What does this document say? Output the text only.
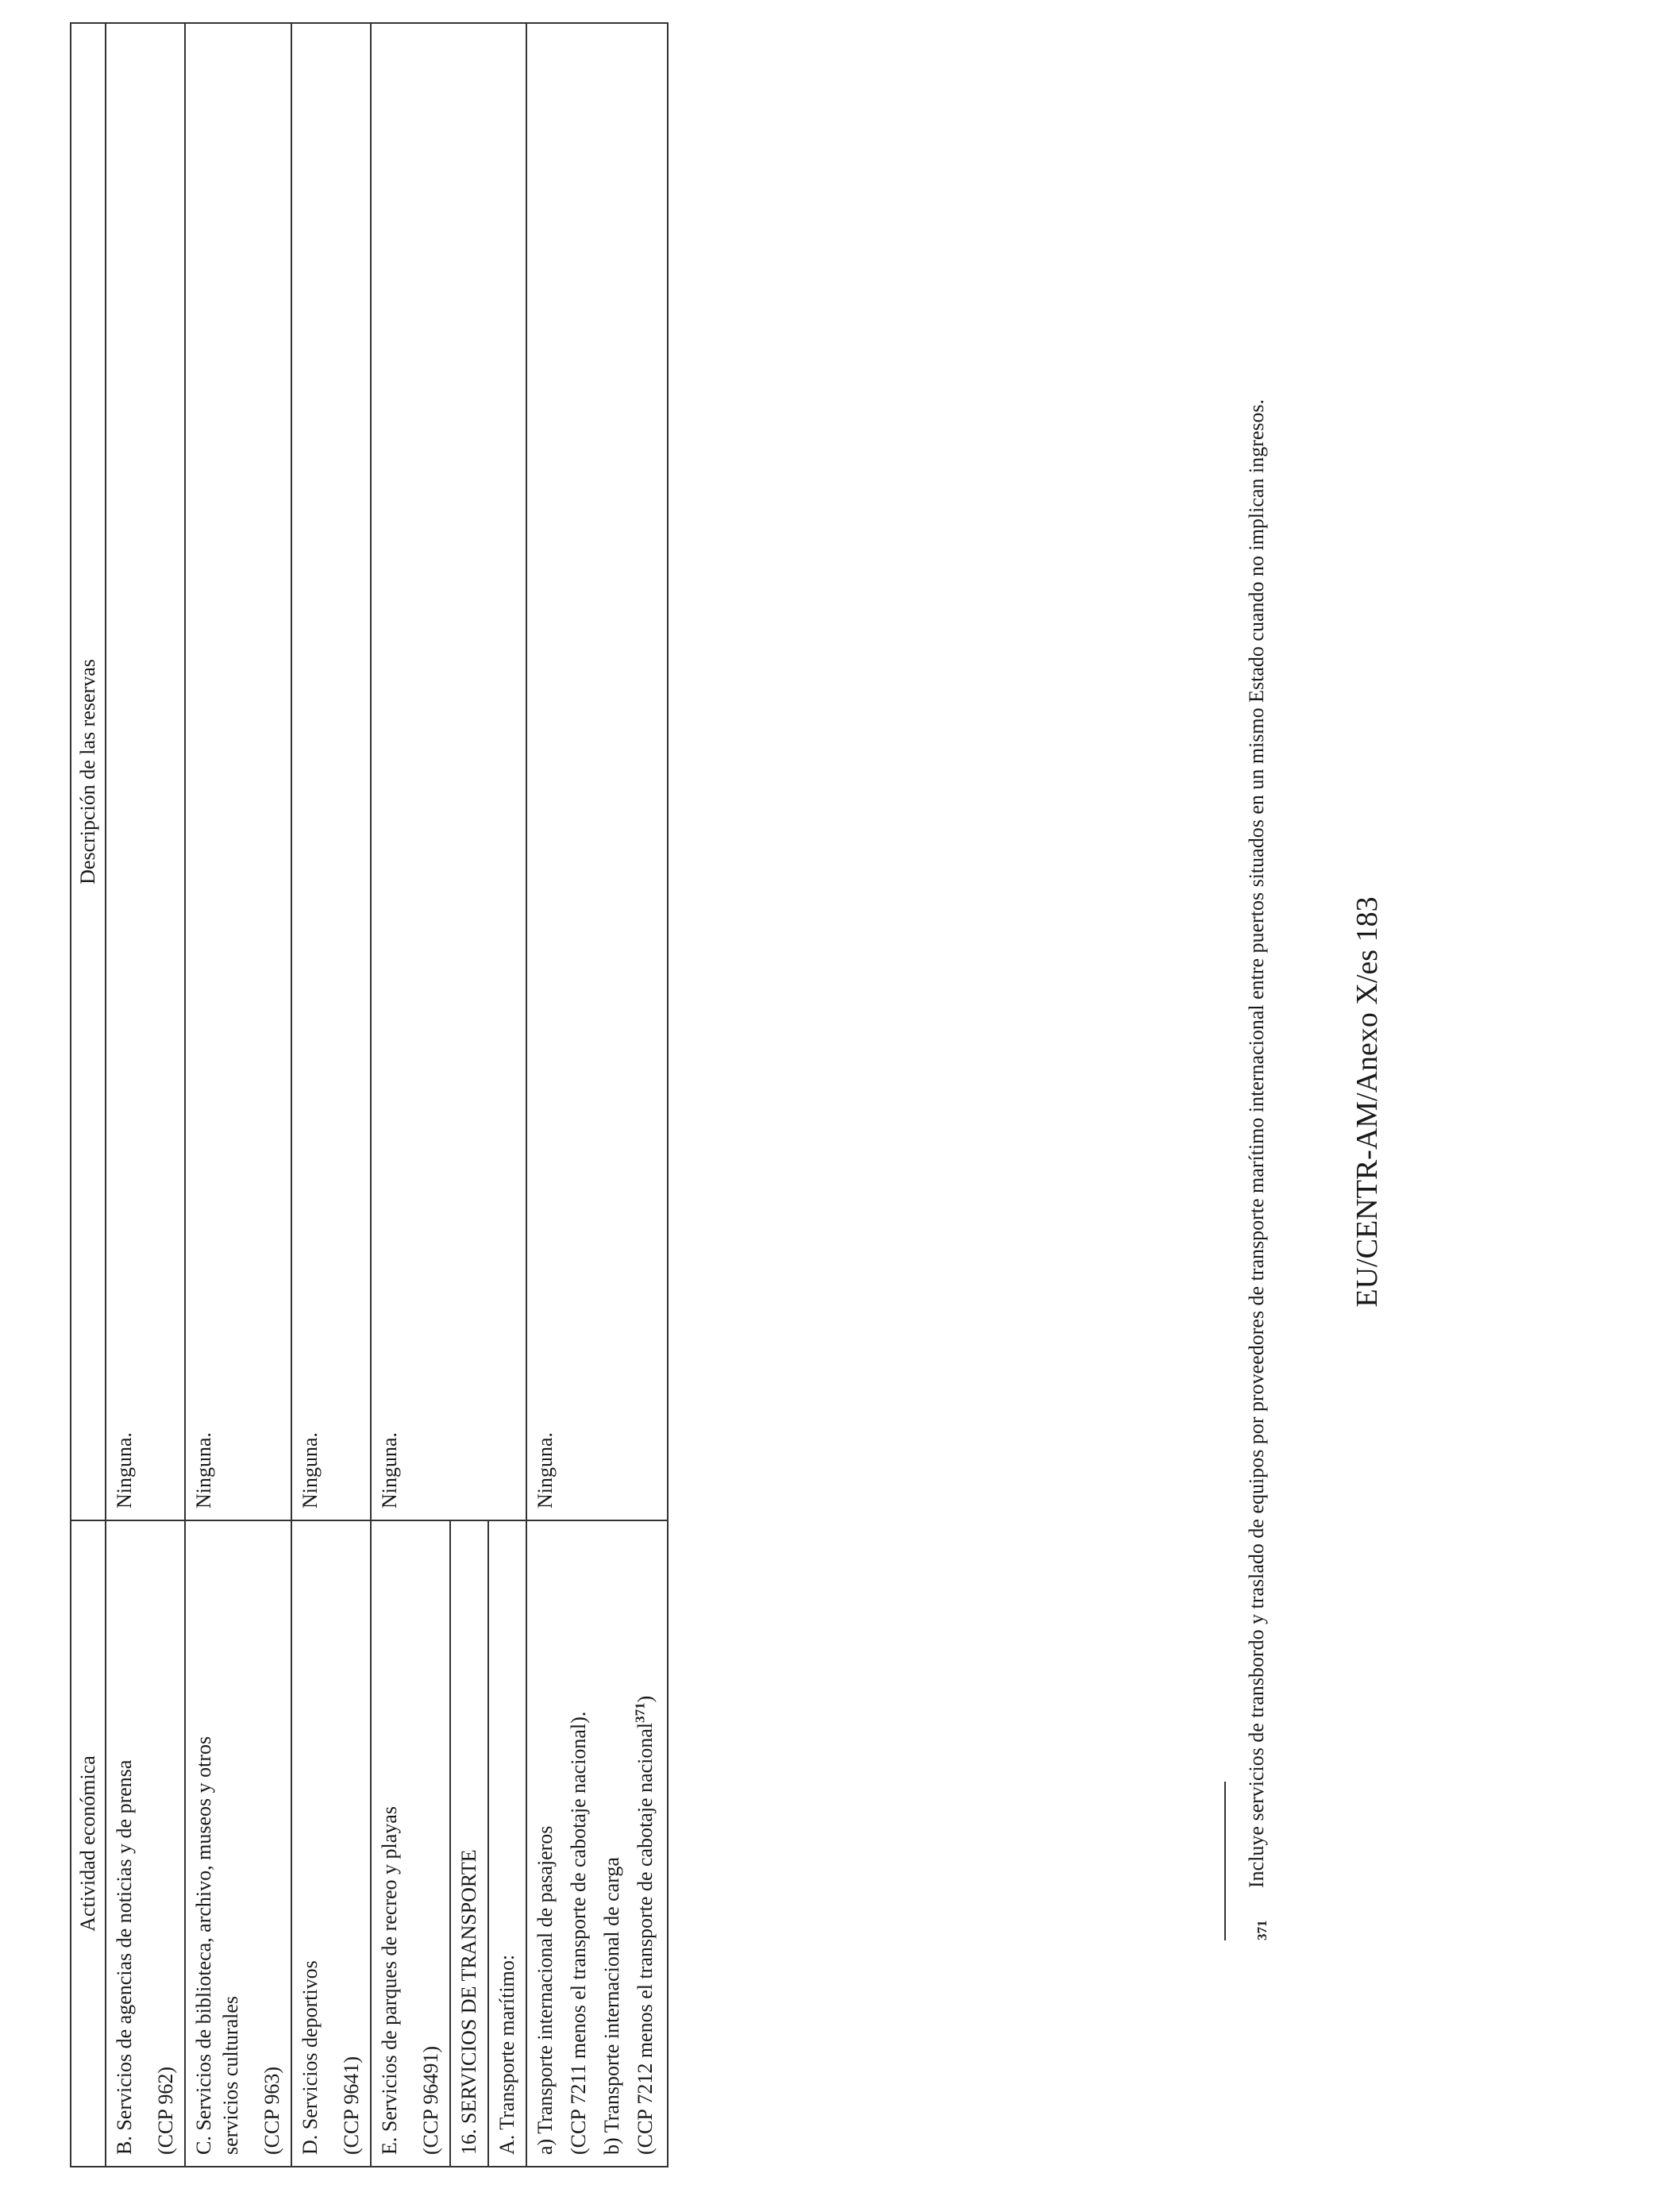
Actividad económica	Descripción de las reservas

B. Servicios de agencias de noticias y de prensa (CCP 962)	Ninguna.

C. Servicios de biblioteca, archivo, museos y otros servicios culturales (CCP 963)	Ninguna.

D. Servicios deportivos (CCP 9641)	Ninguna.

E. Servicios de parques de recreo y playas (CCP 96491)	Ninguna.

16. SERVICIOS DE TRANSPORTE	

A. Transporte marítimo:	

a) Transporte internacional de pasajeros (CCP 7211 menos el transporte de cabotaje nacional). b) Transporte internacional de carga (CCP 7212 menos el transporte de cabotaje nacional$^{371}$)	Ninguna.
371
Incluye servicios de transbordo y traslado de equipos por proveedores de transporte marítimo internacional entre puertos situados en un mismo Estado cuando no implican ingresos.	EU/CENTR-AM/Anexo X/es 183
